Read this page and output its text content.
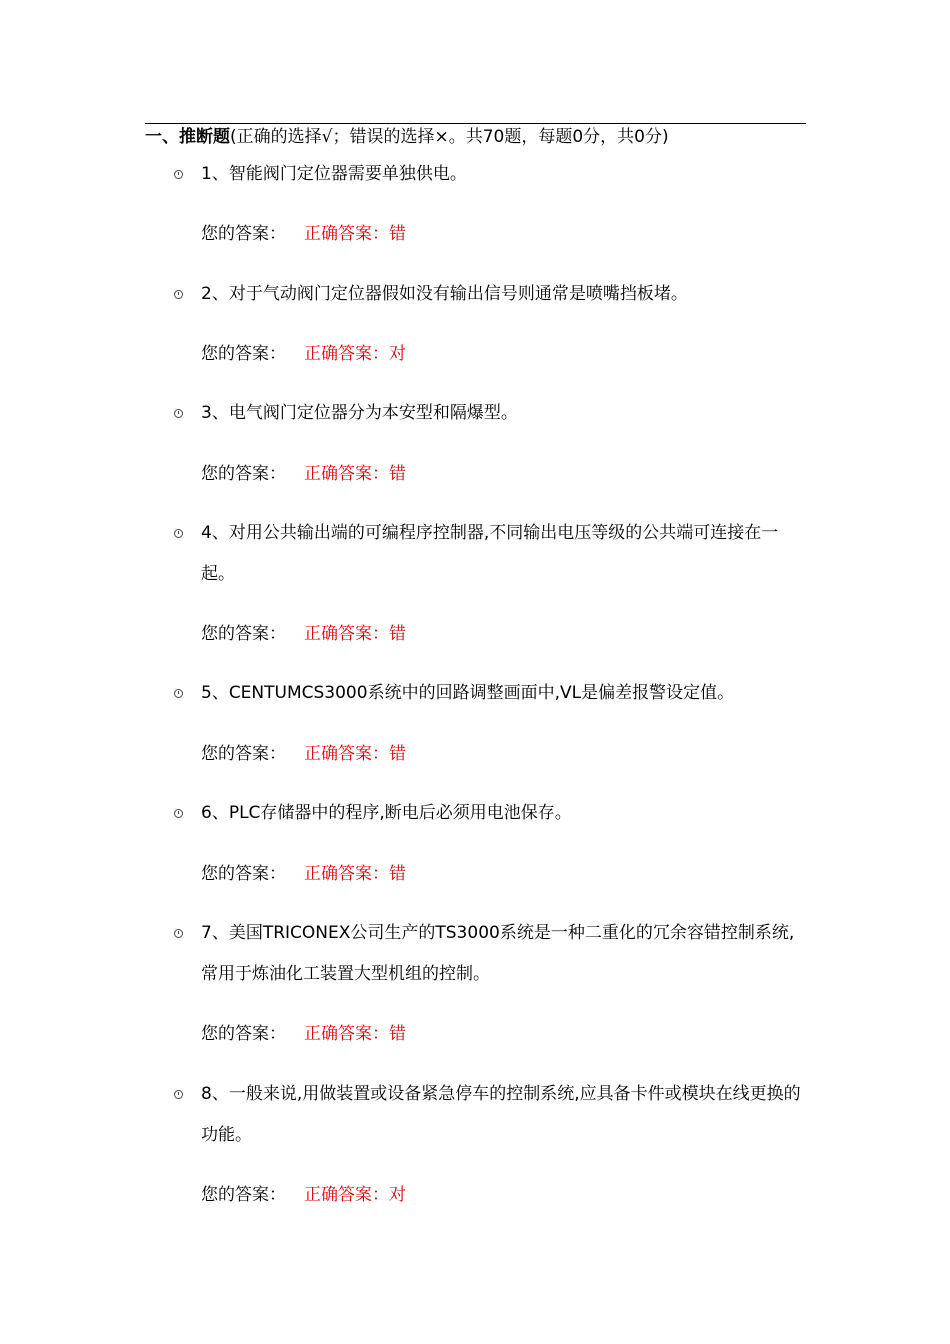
一、推断题(正确的选择√；错误的选择×。共70题，每题0分，共0分)
1、智能阀门定位器需要单独供电。
您的答案： 正确答案：错
2、对于气动阀门定位器假如没有输出信号则通常是喷嘴挡板堵。
您的答案： 正确答案：对
3、电气阀门定位器分为本安型和隔爆型。
您的答案： 正确答案：错
4、对用公共输出端的可编程序控制器,不同输出电压等级的公共端可连接在一起。
您的答案： 正确答案：错
5、CENTUMCS3000系统中的回路调整画面中,VL是偏差报警设定值。
您的答案： 正确答案：错
6、PLC存储器中的程序,断电后必须用电池保存。
您的答案： 正确答案：错
7、美国TRICONEX公司生产的TS3000系统是一种二重化的冗余容错控制系统,常用于炼油化工装置大型机组的控制。
您的答案： 正确答案：错
8、一般来说,用做装置或设备紧急停车的控制系统,应具备卡件或模块在线更换的功能。
您的答案： 正确答案：对
